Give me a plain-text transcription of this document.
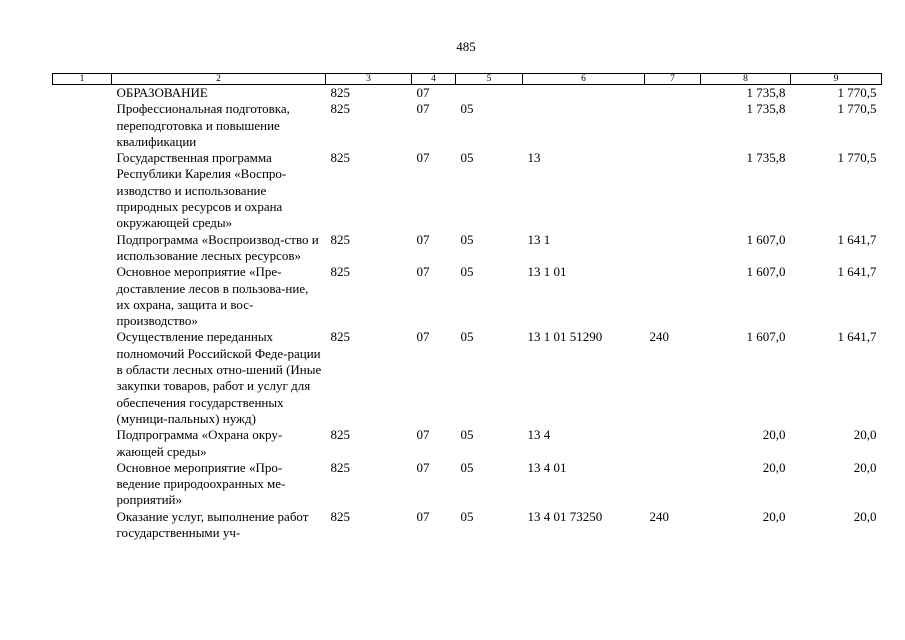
485
1	2	3	4	5	6	7	8	9
	ОБРАЗОВАНИЕ	825	07				1 735,8	1 770,5
	Профессиональная подготовка, переподготовка и повышение квалификации	825	07	05			1 735,8	1 770,5
	Государственная программа Республики Карелия «Воспро-изводство и использование природных ресурсов и охрана окружающей среды»	825	07	05	13		1 735,8	1 770,5
	Подпрограмма «Воспроизвод-ство и использование лесных ресурсов»	825	07	05	13 1		1 607,0	1 641,7
	Основное мероприятие «Пре-доставление лесов в пользова-ние, их охрана, защита и вос-производство»	825	07	05	13 1 01		1 607,0	1 641,7
	Осуществление переданных полномочий Российской Феде-рации в области лесных отно-шений (Иные закупки товаров, работ и услуг для обеспечения государственных (муници-пальных) нужд)	825	07	05	13 1 01 51290	240	1 607,0	1 641,7
	Подпрограмма «Охрана окру-жающей среды»	825	07	05	13 4		20,0	20,0
	Основное мероприятие «Про-ведение природоохранных ме-роприятий»	825	07	05	13 4 01		20,0	20,0
	Оказание услуг, выполнение работ государственными уч-	825	07	05	13 4 01 73250	240	20,0	20,0
